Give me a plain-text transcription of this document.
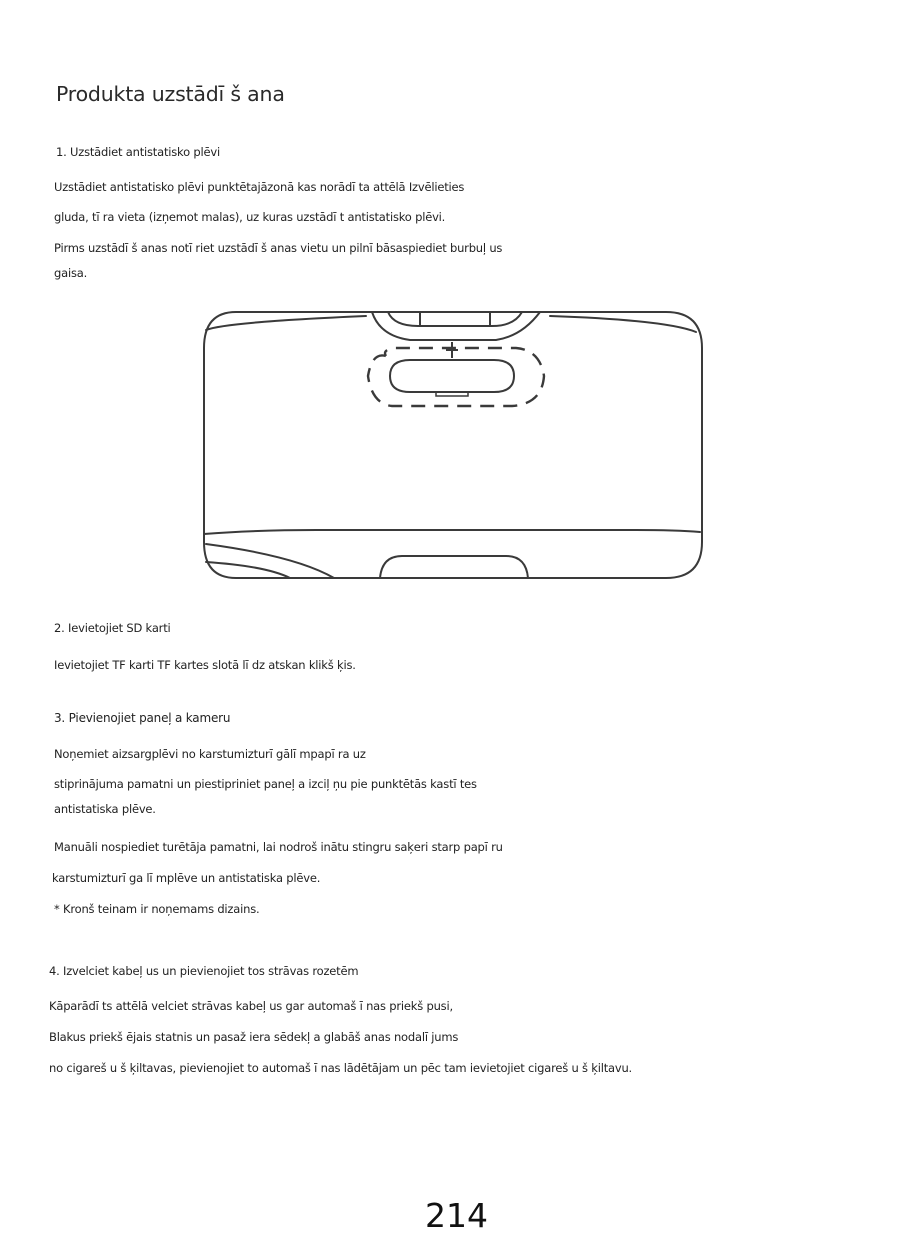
Produkta uzstādī š ana
1. Uzstādiet antistatisko plēvi
Uzstādiet antistatisko plēvi punktētajāzonā kas norādī ta attēlā Izvēlieties
gluda, tī ra vieta (izņemot malas), uz kuras uzstādī t antistatisko plēvi.
Pirms uzstādī š anas notī riet uzstādī š anas vietu un pilnī bāsaspiediet burbuļ us
gaisa.
2. Ievietojiet SD karti
Ievietojiet TF karti TF kartes slotā lī dz atskan klikš ķis.
3. Pievienojiet paneļ a kameru
Noņemiet aizsargplēvi no karstumizturī gālī mpapī ra uz
stiprinājuma pamatni un piestipriniet paneļ a izciļ ņu pie punktētās kastī tes
antistatiska plēve.
Manuāli nospiediet turētāja pamatni, lai nodroš inātu stingru saķeri starp papī ru
karstumizturī ga lī mplēve un antistatiska plēve.
* Kronš teinam ir noņemams dizains.
4. Izvelciet kabeļ us un pievienojiet tos strāvas rozetēm
Kāparādī ts attēlā velciet strāvas kabeļ us gar automaš ī nas priekš pusi,
Blakus priekš ējais statnis un pasaž iera sēdekļ a glabāš anas nodalī jums
no cigareš u š ķiltavas, pievienojiet to automaš ī nas lādētājam un pēc tam ievietojiet cigareš u š ķiltavu.
214
